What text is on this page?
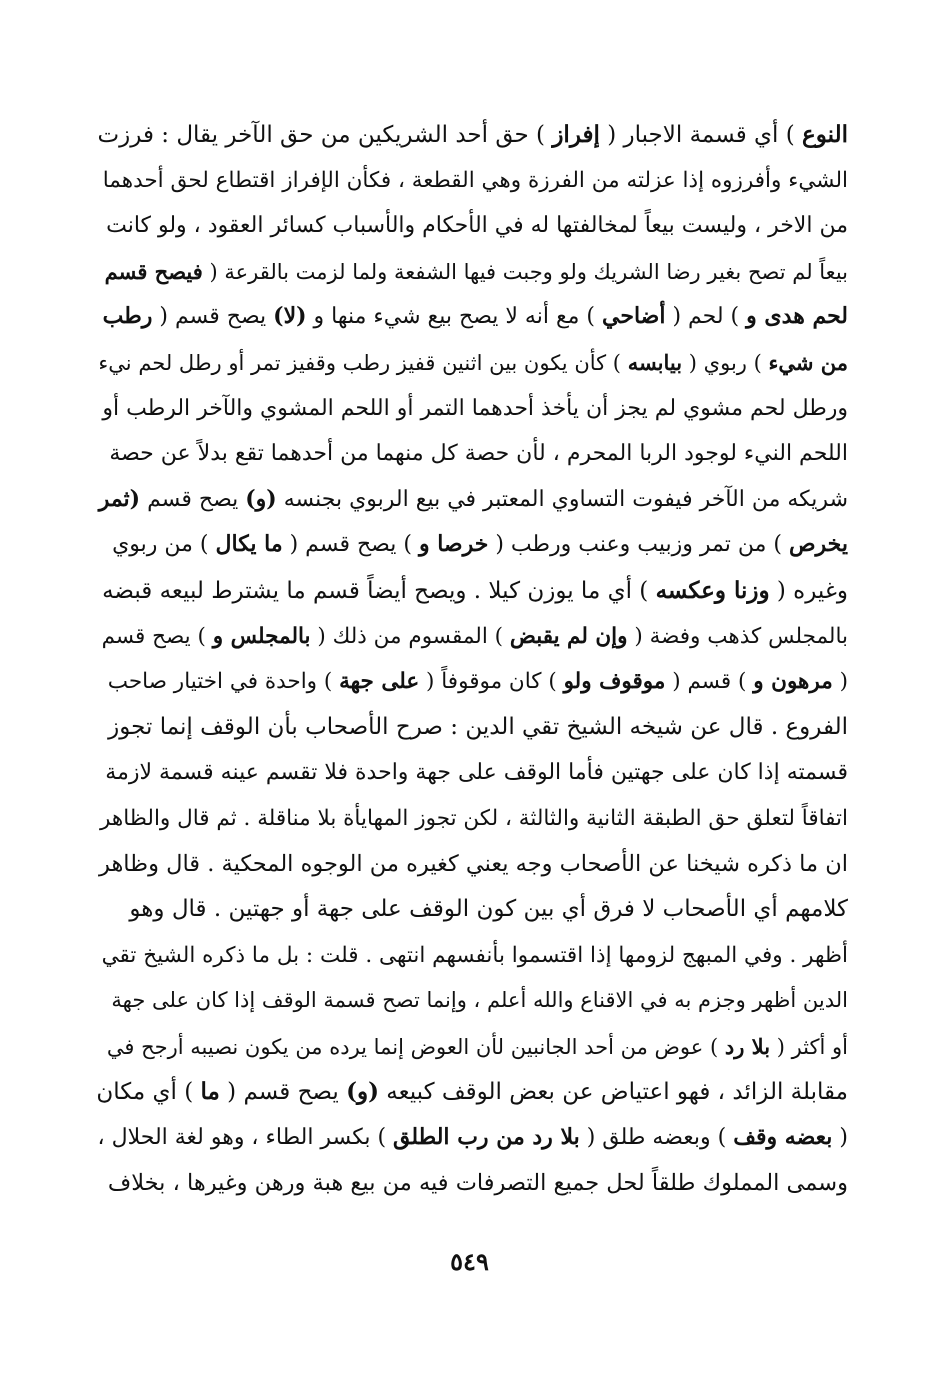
النوع ) أي قسمة الاجبار ( إفراز ) حق أحد الشريكين من حق الآخر يقال : فرزت
الشيء وأفرزوه إذا عزلته من الفرزة وهي القطعة ، فكأن الإفراز اقتطاع لحق أحدهما
من الاخر ، وليست بيعاً لمخالفتها له في الأحكام والأسباب كسائر العقود ، ولو كانت
بيعاً لم تصح بغير رضا الشريك ولو وجبت فيها الشفعة ولما لزمت بالقرعة ( فيصح قسم
لحم هدى و ) لحم ( أضاحي ) مع أنه لا يصح بيع شيء منها و (لا) يصح قسم ( رطب
من شيء ) ربوي ( بيابسه ) كأن يكون بين اثنين قفيز رطب وقفيز تمر أو رطل لحم نيء
ورطل لحم مشوي لم يجز أن يأخذ أحدهما التمر أو اللحم المشوي والآخر الرطب أو
اللحم النيء لوجود الربا المحرم ، لأن حصة كل منهما من أحدهما تقع بدلاً عن حصة
شريكه من الآخر فيفوت التساوي المعتبر في بيع الربوي بجنسه (و) يصح قسم (ثمر
يخرص ) من تمر وزبيب وعنب ورطب ( خرصا و ) يصح قسم ( ما يكال ) من ربوي
وغيره ( وزنا وعكسه ) أي ما يوزن كيلا . ويصح أيضاً قسم ما يشترط لبيعه قبضه
بالمجلس كذهب وفضة ( وإن لم يقبض ) المقسوم من ذلك ( بالمجلس و ) يصح قسم
( مرهون و ) قسم ( موقوف ولو ) كان موقوفاً ( على جهة ) واحدة في اختيار صاحب
الفروع . قال عن شيخه الشيخ تقي الدين : صرح الأصحاب بأن الوقف إنما تجوز
قسمته إذا كان على جهتين فأما الوقف على جهة واحدة فلا تقسم عينه قسمة لازمة
اتفاقاً لتعلق حق الطبقة الثانية والثالثة ، لكن تجوز المهايأة بلا مناقلة . ثم قال والظاهر
ان ما ذكره شيخنا عن الأصحاب وجه يعني كغيره من الوجوه المحكية . قال وظاهر
كلامهم أي الأصحاب لا فرق أي بين كون الوقف على جهة أو جهتين . قال وهو
أظهر . وفي المبهج لزومها إذا اقتسموا بأنفسهم انتهى . قلت : بل ما ذكره الشيخ تقي
الدين أظهر وجزم به في الاقناع والله أعلم ، وإنما تصح قسمة الوقف إذا كان على جهة
أو أكثر ( بلا رد ) عوض من أحد الجانبين لأن العوض إنما يرده من يكون نصيبه أرجح في
مقابلة الزائد ، فهو اعتياض عن بعض الوقف كبيعه (و) يصح قسم ( ما ) أي مكان
( بعضه وقف ) وبعضه طلق ( بلا رد من رب الطلق ) بكسر الطاء ، وهو لغة الحلال ،
وسمى المملوك طلقاً لحل جميع التصرفات فيه من بيع هبة ورهن وغيرها ، بخلاف
٥٤٩
